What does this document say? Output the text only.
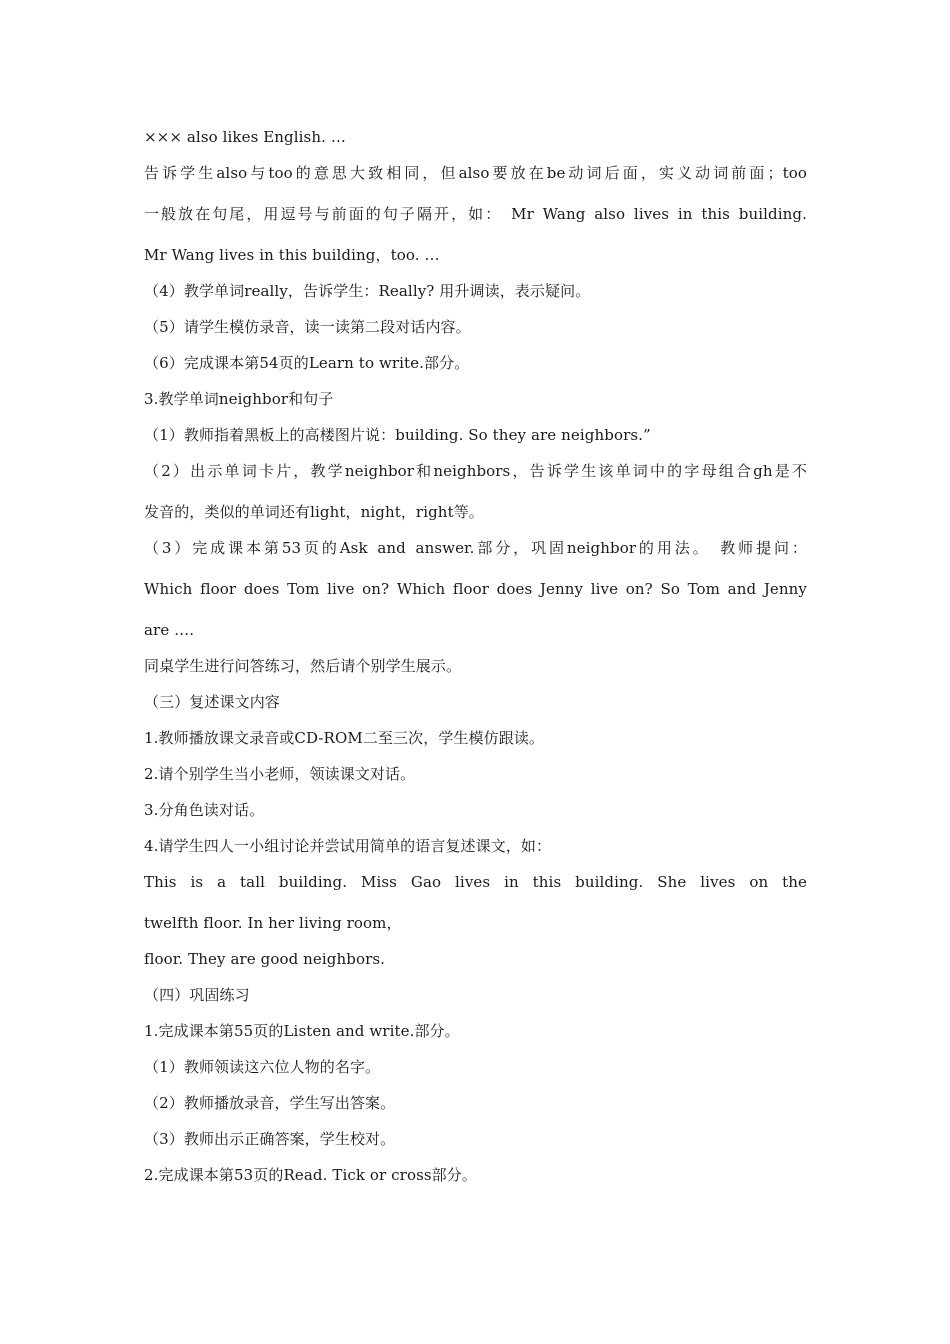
××× also likes English. …
告诉学生also与too的意思大致相同，但also要放在be动词后面，实义动词前面；too
一般放在句尾，用逗号与前面的句子隔开，如： Mr Wang also lives in this building.
Mr Wang lives in this building，too. …
（4）教学单词really，告诉学生：Really? 用升调读，表示疑问。
（5）请学生模仿录音，读一读第二段对话内容。
（6）完成课本第54页的Learn to write.部分。
3.教学单词neighbor和句子
（1）教师指着黑板上的高楼图片说：building. So they are neighbors.”
（2）出示单词卡片，教学neighbor和neighbors，告诉学生该单词中的字母组合gh是不
发音的，类似的单词还有light，night，right等。
（3）完成课本第53页的Ask and answer.部分，巩固neighbor的用法。 教师提问：
Which floor does Tom live on? Which floor does Jenny live on? So Tom and Jenny
are ….
同桌学生进行问答练习，然后请个别学生展示。
（三）复述课文内容
1.教师播放课文录音或CD-ROM二至三次，学生模仿跟读。
2.请个别学生当小老师，领读课文对话。
3.分角色读对话。
4.请学生四人一小组讨论并尝试用简单的语言复述课文，如：
This is a tall building. Miss Gao lives in this building. She lives on the
twelfth floor. In her living room，
floor. They are good neighbors.
（四）巩固练习
1.完成课本第55页的Listen and write.部分。
（1）教师领读这六位人物的名字。
（2）教师播放录音，学生写出答案。
（3）教师出示正确答案，学生校对。
2.完成课本第53页的Read. Tick or cross部分。
